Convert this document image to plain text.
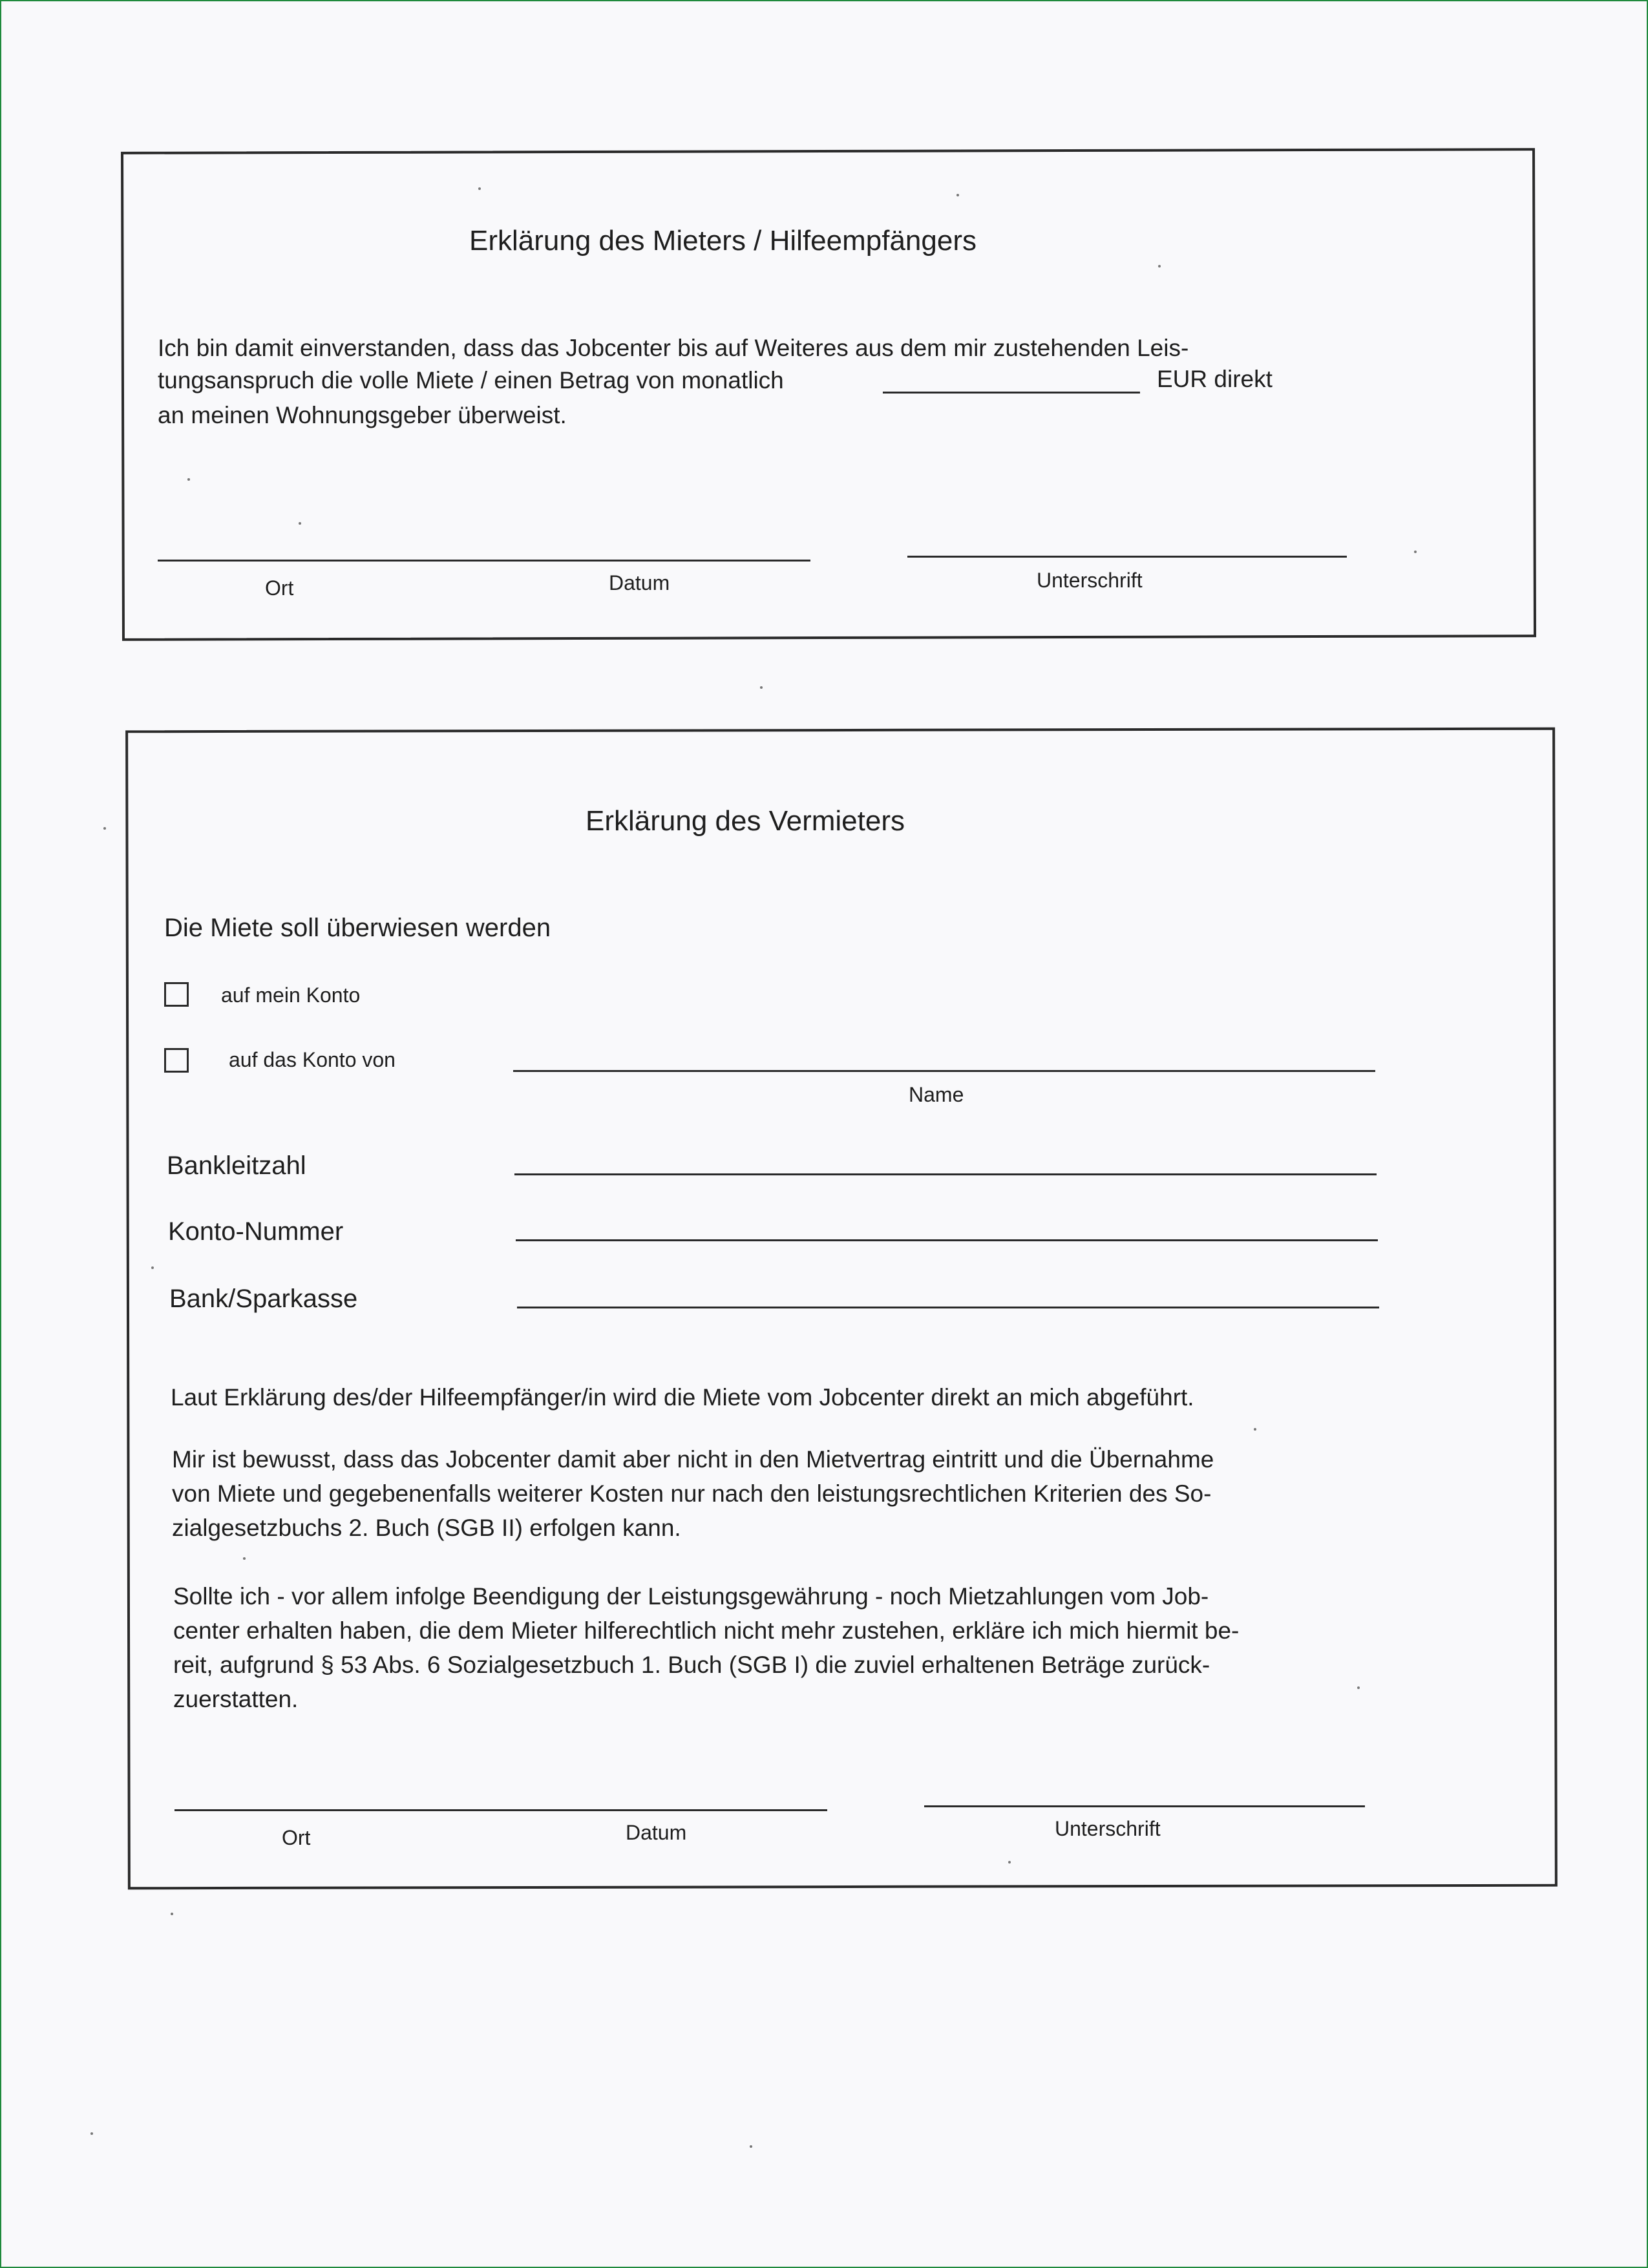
Erklärung des Mieters / Hilfeempfängers
Ich bin damit einverstanden, dass das Jobcenter bis auf Weiteres aus dem mir zustehenden Leis-
tungsanspruch die volle Miete / einen Betrag von monatlich	EUR direkt
an meinen Wohnungsgeber überweist.
Ort	Datum	Unterschrift
Erklärung des Vermieters
Die Miete soll überwiesen werden
auf mein Konto
auf das Konto von
Name
Bankleitzahl
Konto-Nummer
Bank/Sparkasse
Laut Erklärung des/der Hilfeempfänger/in wird die Miete vom Jobcenter direkt an mich abgeführt.
Mir ist bewusst, dass das Jobcenter damit aber nicht in den Mietvertrag eintritt und die Übernahme
von Miete und gegebenenfalls weiterer Kosten nur nach den leistungsrechtlichen Kriterien des So-
zialgesetzbuchs 2. Buch (SGB II) erfolgen kann.
Sollte ich - vor allem infolge Beendigung der Leistungsgewährung - noch Mietzahlungen vom Job-
center erhalten haben, die dem Mieter hilferechtlich nicht mehr zustehen, erkläre ich mich hiermit be-
reit, aufgrund § 53 Abs. 6 Sozialgesetzbuch 1. Buch (SGB I) die zuviel erhaltenen Beträge zurück-
zuerstatten.
Ort	Datum	Unterschrift
